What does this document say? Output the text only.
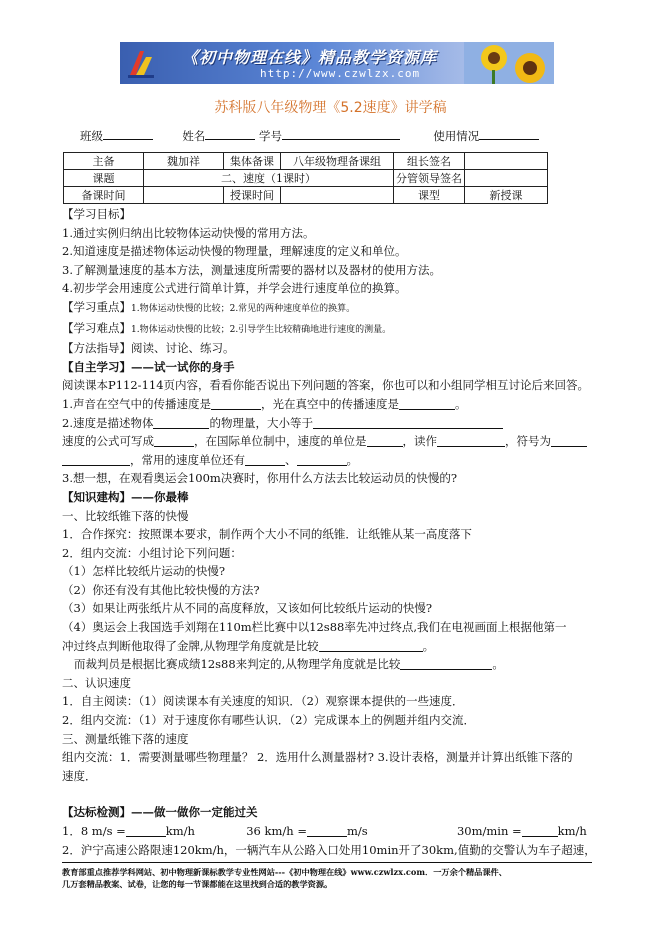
《初中物理在线》精品教学资源库
http://www.czwlzx.com
苏科版八年级物理《5.2速度》讲学稿
班级	姓名	学号	使用情况
主备	魏加祥	集体备课	八年级物理备课组	组长签名	
课题	二、速度（1课时）			分管领导签名	
备课时间		授课时间		课型	新授课

【学习目标】

1.通过实例归纳出比较物体运动快慢的常用方法。

2.知道速度是描述物体运动快慢的物理量，理解速度的定义和单位。

3.了解测量速度的基本方法，测量速度所需要的器材以及器材的使用方法。

4.初步学会用速度公式进行简单计算，并学会进行速度单位的换算。

【学习重点】1.物体运动快慢的比较；2.常见的两种速度单位的换算。

【学习难点】1.物体运动快慢的比较；2.引导学生比较精确地进行速度的测量。

【方法指导】阅读、讨论、练习。

【自主学习】——试一试你的身手

阅读课本P112-114页内容，看看你能否说出下列问题的答案，你也可以和小组同学相互讨论后来回答。

1.声音在空气中的传播速度是	，光在真空中的传播速度是	。

2.速度是描述物体	的物理量，大小等于

速度的公式可写成	，在国际单位制中，速度的单位是	，读作	，符号为

，常用的速度单位还有	、	。

3.想一想，在观看奥运会100m决赛时，你用什么方法去比较运动员的快慢的?

【知识建构】——你最棒

一、比较纸锥下落的快慢

1．合作探究：按照课本要求，制作两个大小不同的纸锥．让纸锥从某一高度落下

2．组内交流：小组讨论下列问题：

（1）怎样比较纸片运动的快慢?

（2）你还有没有其他比较快慢的方法?

（3）如果让两张纸片从不同的高度释放，又该如何比较纸片运动的快慢?

（4）奥运会上我国选手刘翔在110m栏比赛中以12s88率先冲过终点,我们在电视画面上根据他第一

冲过终点判断他取得了金牌,从物理学角度就是比较	。

而裁判员是根据比赛成绩12s88来判定的,从物理学角度就是比较	。

二、认识速度

1．自主阅读：（1）阅读课本有关速度的知识．（2）观察课本提供的一些速度．

2．组内交流：（1）对于速度你有哪些认识．（2）完成课本上的例题并组内交流．

三、测量纸锥下落的速度

组内交流：1．需要测量哪些物理量？ 2．选用什么测量器材? 3.设计表格，测量并计算出纸锥下落的

速度．

【达标检测】——做一做你一定能过关

1．8 m/s =	km/h	36 km/h =	m/s	30m/min =	km/h

2．沪宁高速公路限速120km/h，一辆汽车从公路入口处用10min开了30km,值勤的交警认为车子超速，

教育部重点推荐学科网站、初中物理新课标教学专业性网站---《初中物理在线》www.czwlzx.com．一万余个精品课件、

几万套精品教案、试卷，让您的每一节课都能在这里找到合适的教学资源。
